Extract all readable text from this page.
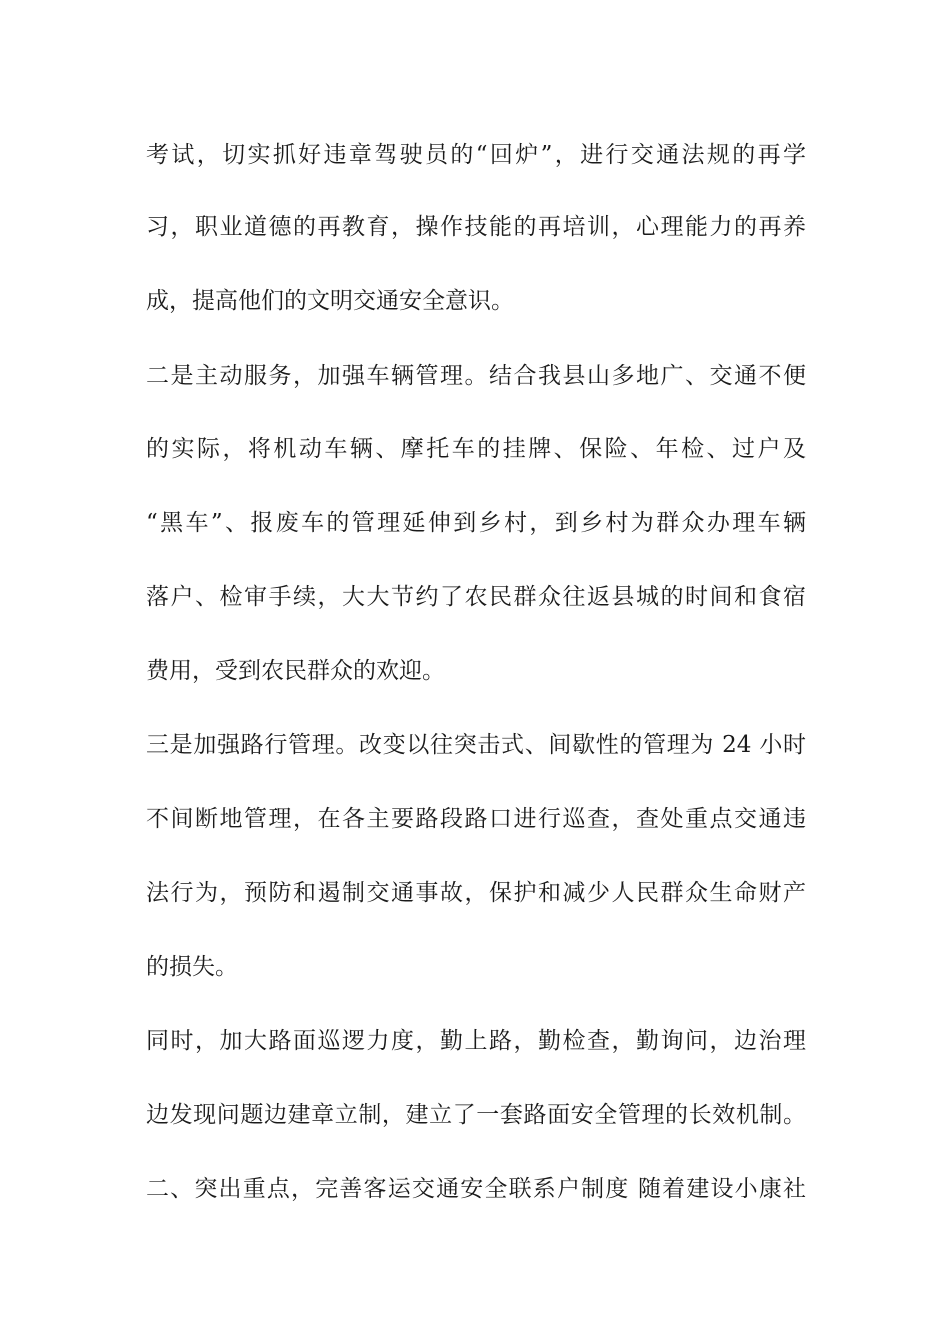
考试，切实抓好违章驾驶员的“回炉”，进行交通法规的再学
习，职业道德的再教育，操作技能的再培训，心理能力的再养
成，提高他们的文明交通安全意识。
二是主动服务，加强车辆管理。结合我县山多地广、交通不便
的实际，将机动车辆、摩托车的挂牌、保险、年检、过户及
“黑车”、报废车的管理延伸到乡村，到乡村为群众办理车辆
落户、检审手续，大大节约了农民群众往返县城的时间和食宿
费用，受到农民群众的欢迎。
三是加强路行管理。改变以往突击式、间歇性的管理为 24 小时
不间断地管理，在各主要路段路口进行巡查，查处重点交通违
法行为，预防和遏制交通事故，保护和减少人民群众生命财产
的损失。
同时，加大路面巡逻力度，勤上路，勤检查，勤询问，边治理
边发现问题边建章立制，建立了一套路面安全管理的长效机制。
二、突出重点，完善客运交通安全联系户制度 随着建设小康社
